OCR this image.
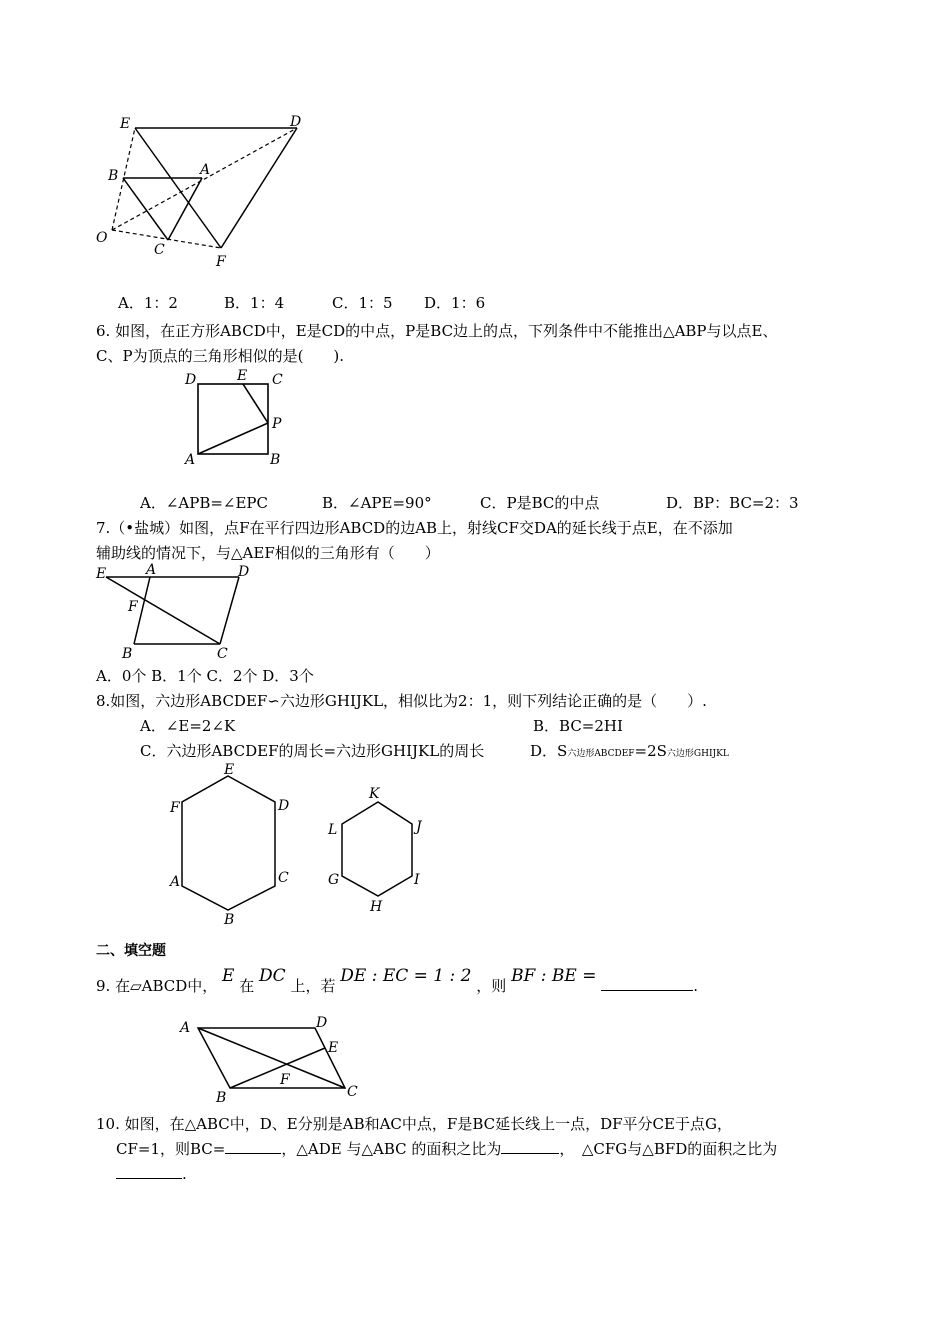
E	D
B	A
O
C
F
A．1：2	B．1：4	C．1：5 D．1：6
6. 如图，在正方形ABCD中，E是CD的中点，P是BC边上的点，下列条件中不能推出△ABP与以点E、
C、P为顶点的三角形相似的是(　　).
D	E C
P
A	B
A．∠APB=∠EPC	B．∠APE=90°	C．P是BC的中点	D．BP：BC=2：3
7.（•盐城）如图，点F在平行四边形ABCD的边AB上，射线CF交DA的延长线于点E，在不添加
辅助线的情况下，与△AEF相似的三角形有（　　）
E	A	D
F
B	C
A．0个 B．1个 C．2个 D．3个
8.如图，六边形ABCDEF∽六边形GHIJKL，相似比为2：1，则下列结论正确的是（　　）.
A．∠E=2∠K	B．BC=2HI
C．六边形ABCDEF的周长=六边形GHIJKL的周长	D．S六边形ABCDEF=2S六边形GHIJKL
E
F	D
A	C
B
K
L	J
G	I
H
二、填空题
9. 在▱ABCD中， E 在 DC 上，若 DE : EC = 1 : 2 ，则 BF : BE =	.
A	D
E
F
B	C
10. 如图，在△ABC中，D、E分别是AB和AC中点，F是BC延长线上一点，DF平分CE于点G，
CF=1，则BC=	，△ADE 与△ABC 的面积之比为	，　△CFG与△BFD的面积之比为
.
